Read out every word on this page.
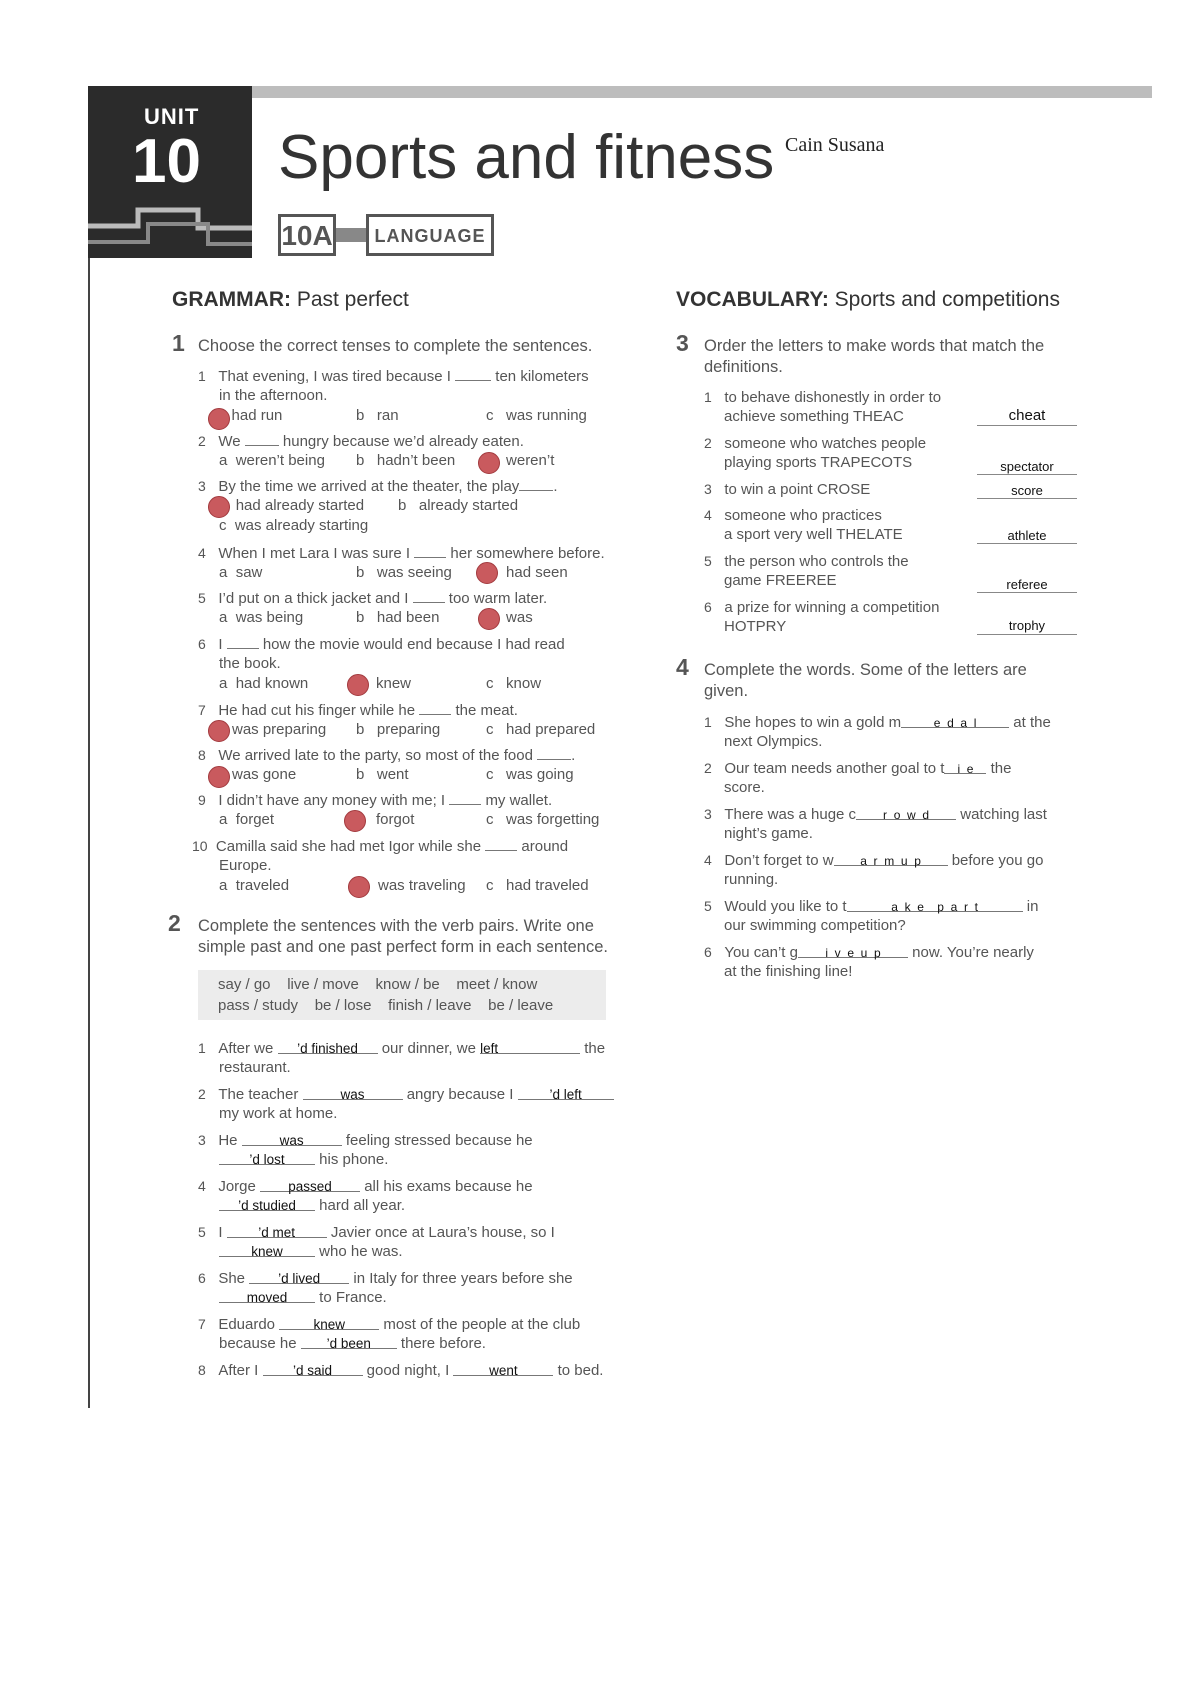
UNIT
10 Sports and fitness Cain Susana
10A	LANGUAGE
GRAMMAR: Past perfect
1 Choose the correct tenses to complete the sentences.
1 That evening, I was tired because I	ten kilometers
in the afternoon.
had run	b ran	c was running
2 We	hungry because we’d already eaten.
a weren’t being b hadn’t been	weren’t
3 By the time we arrived at the theater, the play .
had already started b already started
c was already starting
4 When I met Lara I was sure I	her somewhere before.
a saw	b was seeing	had seen
5 I’d put on a thick jacket and I	too warm later.
a was being	b had been	was
6 I	how the movie would end because I had read
the book.
a had known	knew	c know
7 He had cut his finger while he	the meat.
was preparing b preparing	c had prepared
8 We arrived late to the party, so most of the food	.
was gone	b went	c was going
9 I didn’t have any money with me; I	my wallet.
a forget	forgot	c was forgetting
10 Camilla said she had met Igor while she	around
Europe.
a traveled	was traveling c had traveled
2 Complete the sentences with the verb pairs. Write one
simple past and one past perfect form in each sentence.
say / go    live / move    know / be    meet / know
pass / study    be / lose    finish / leave    be / leave
1 After we ’d finished our dinner, we left	the
restaurant.
2 The teacher	was	angry because I	’d left
my work at home.
3 He	was	feeling stressed because he
’d lost his phone.
4 Jorge passed all his exams because he
’d studied hard all year.
5 I	’d met Javier once at Laura’s house, so I
knew who he was.
6 She ’d lived in Italy for three years before she
moved to France.
7 Eduardo	knew	most of the people at the club
because he ’d been there before.
8 After I	’d said good night, I	went	to bed.
VOCABULARY: Sports and competitions
3 Order the letters to make words that match the
definitions.
1 to behave dishonestly in order to
achieve something THEAC	cheat
2 someone who watches people
playing sports TRAPECOTS	spectator
3 to win a point CROSE	score
4 someone who practices
a sport very well THELATE	athlete
5 the person who controls the
game FREEREE	referee
6 a prize for winning a competition
HOTPRY	trophy
4 Complete the words. Some of the letters are
given.
1 She hopes to win a gold m	e  d  a  l at the
next Olympics.
2 Our team needs another goal to t i  e the
score.
3 There was a huge c r  o  w  d watching last
night’s game.
4 Don’t forget to w a  r  m  u  p before you go
running.
5 Would you like to t	a  k  e    p  a  r  t	in
our swimming competition?
6 You can’t g i  v  e  u  p now. You’re nearly
at the finishing line!
